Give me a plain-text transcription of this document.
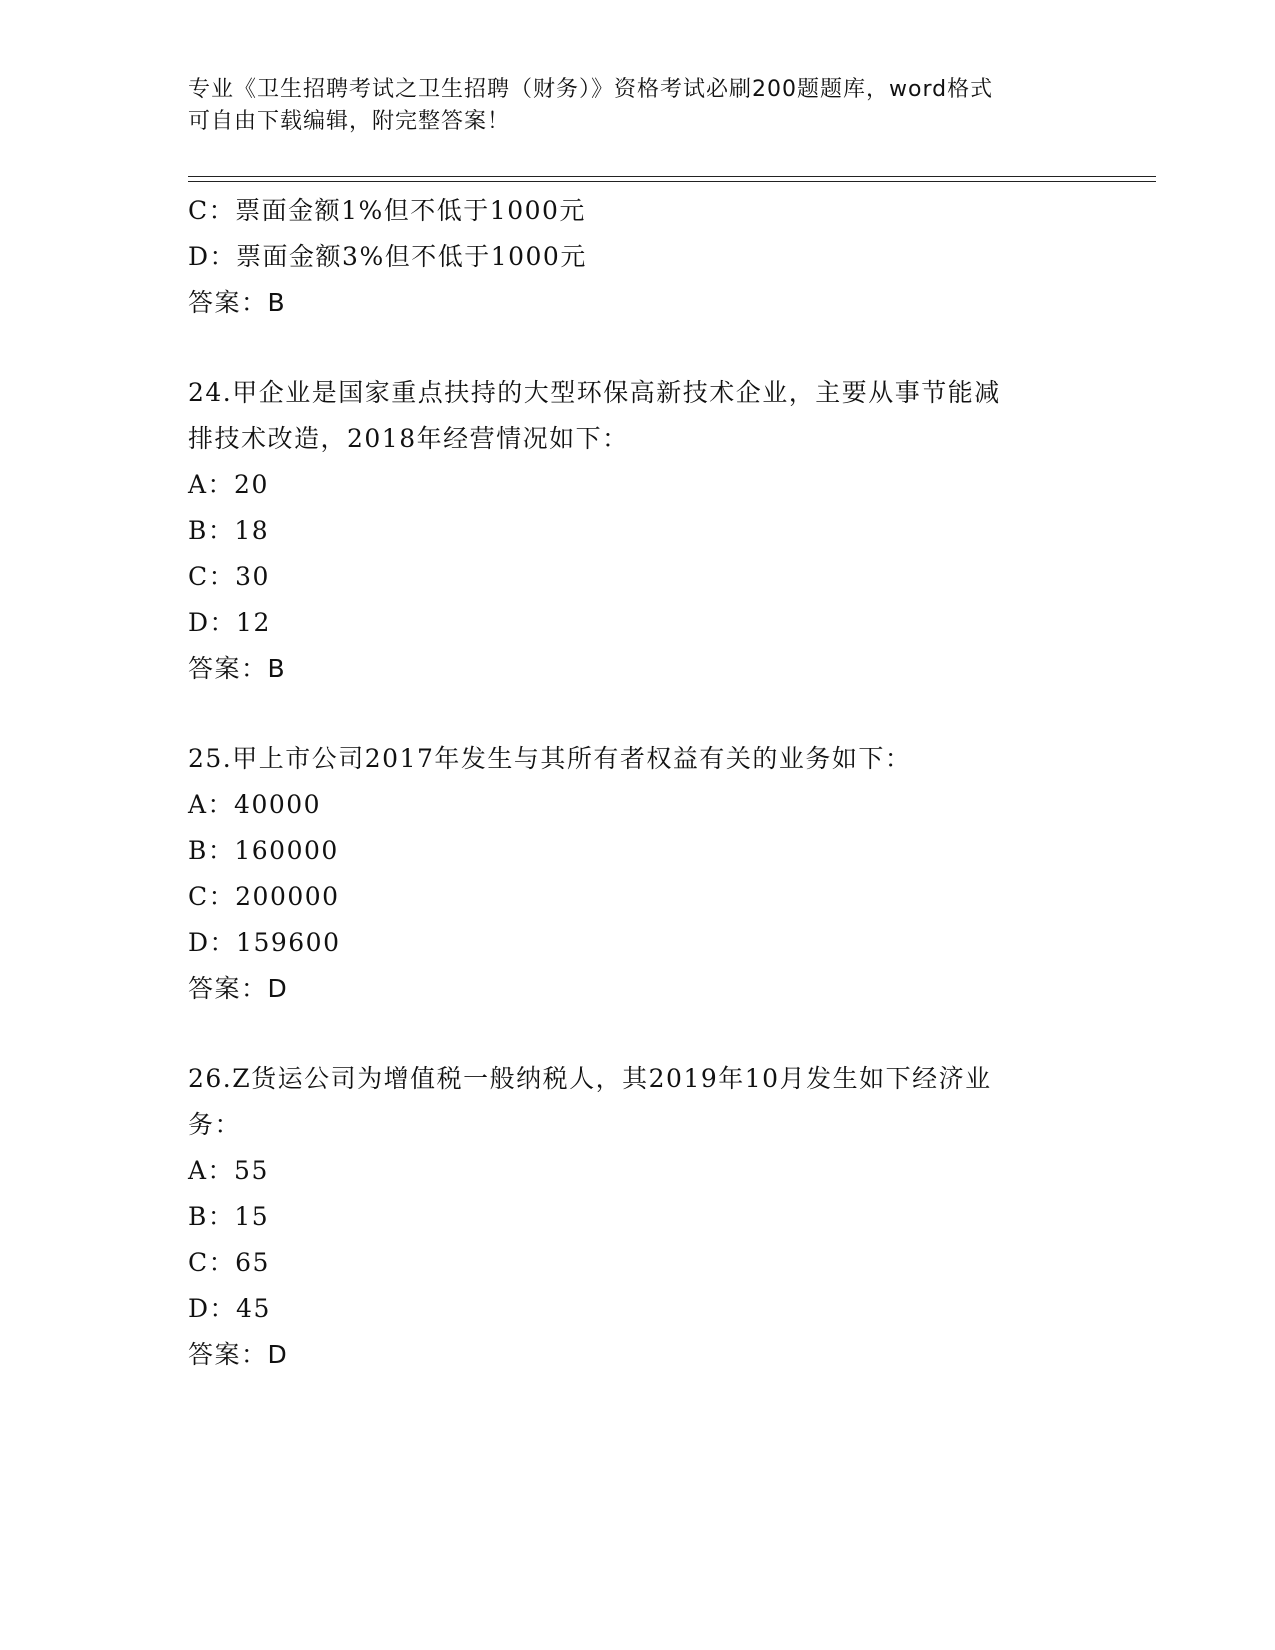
专业《卫生招聘考试之卫生招聘（财务）》资格考试必刷200题题库，word格式
可自由下载编辑，附完整答案！
C：票面金额1%但不低于1000元
D：票面金额3%但不低于1000元
答案：B
24.甲企业是国家重点扶持的大型环保高新技术企业，主要从事节能减
排技术改造，2018年经营情况如下：
A：20
B：18
C：30
D：12
答案：B
25.甲上市公司2017年发生与其所有者权益有关的业务如下：
A：40000
B：160000
C：200000
D：159600
答案：D
26.Z货运公司为增值税一般纳税人，其2019年10月发生如下经济业
务：
A：55
B：15
C：65
D：45
答案：D
